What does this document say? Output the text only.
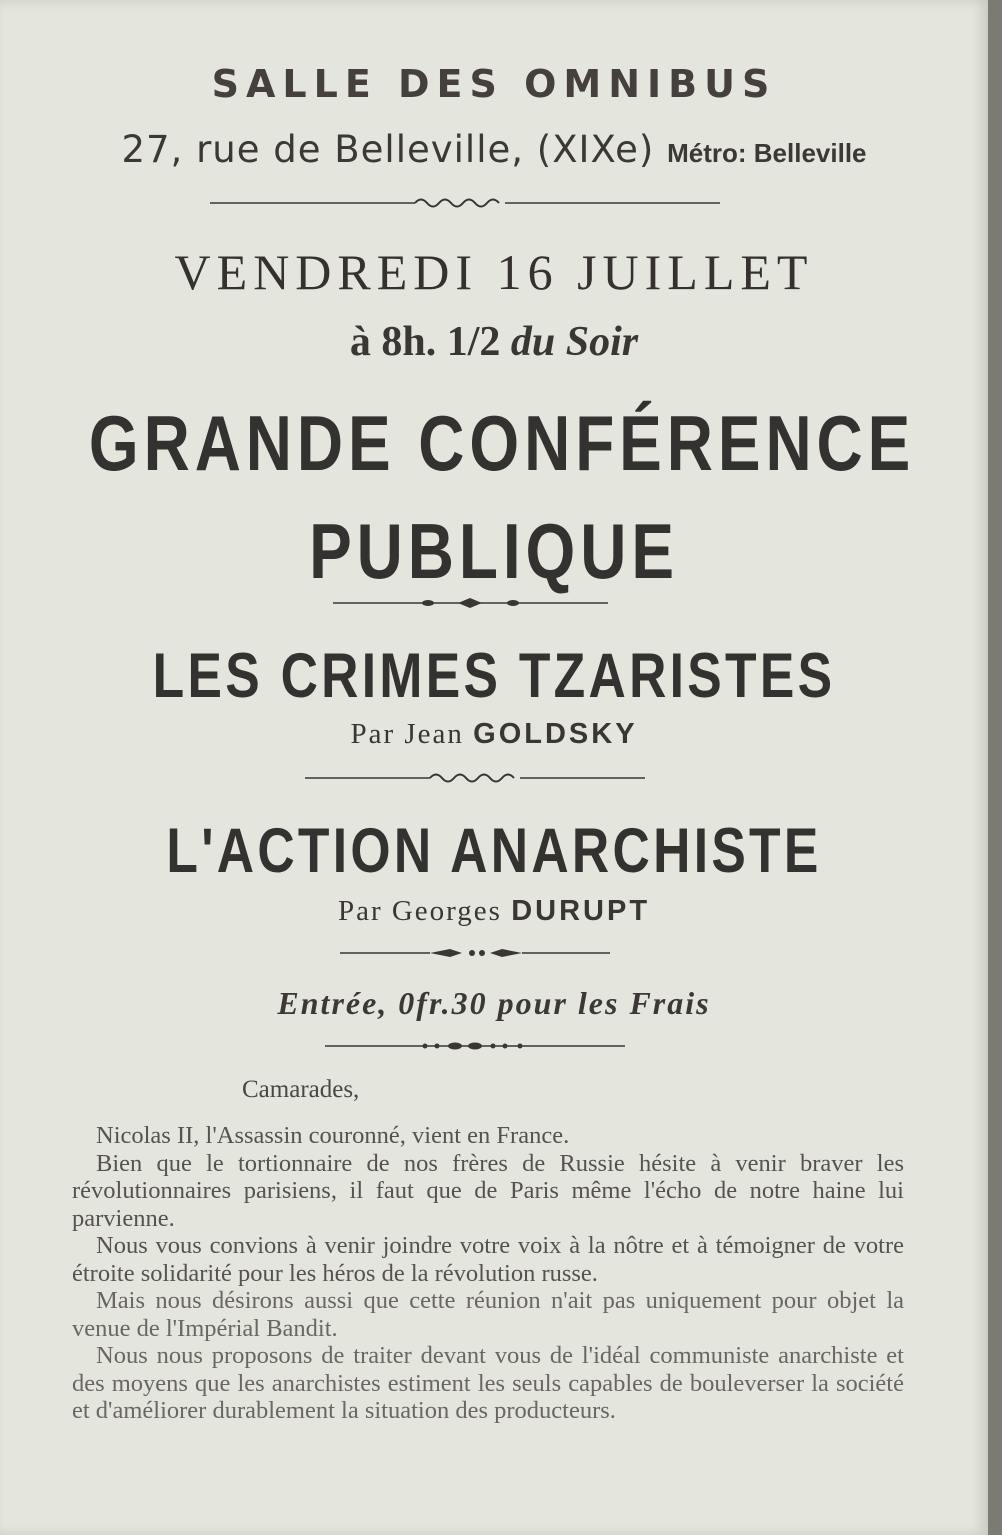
SALLE DES OMNIBUS
27, rue de Belleville, (XIXe) Métro: Belleville
VENDREDI 16 JUILLET
à 8h. 1/2 du Soir
GRANDE CONFÉRENCE
PUBLIQUE
LES CRIMES TZARISTES
Par Jean GOLDSKY
L'ACTION ANARCHISTE
Par Georges DURUPT
Entrée, 0fr.30 pour les Frais
Camarades,

Nicolas II, l'Assassin couronné, vient en France.

Bien que le tortionnaire de nos frères de Russie hésite à venir braver les révolutionnaires parisiens, il faut que de Paris même l'écho de notre haine lui parvienne.

Nous vous convions à venir joindre votre voix à la nôtre et à témoigner de votre étroite solidarité pour les héros de la révolution russe.

Mais nous désirons aussi que cette réunion n'ait pas uniquement pour objet la venue de l'Impérial Bandit.

Nous nous proposons de traiter devant vous de l'idéal communiste anarchiste et des moyens que les anarchistes estiment les seuls capables de bouleverser la société et d'améliorer durablement la situation des producteurs.
